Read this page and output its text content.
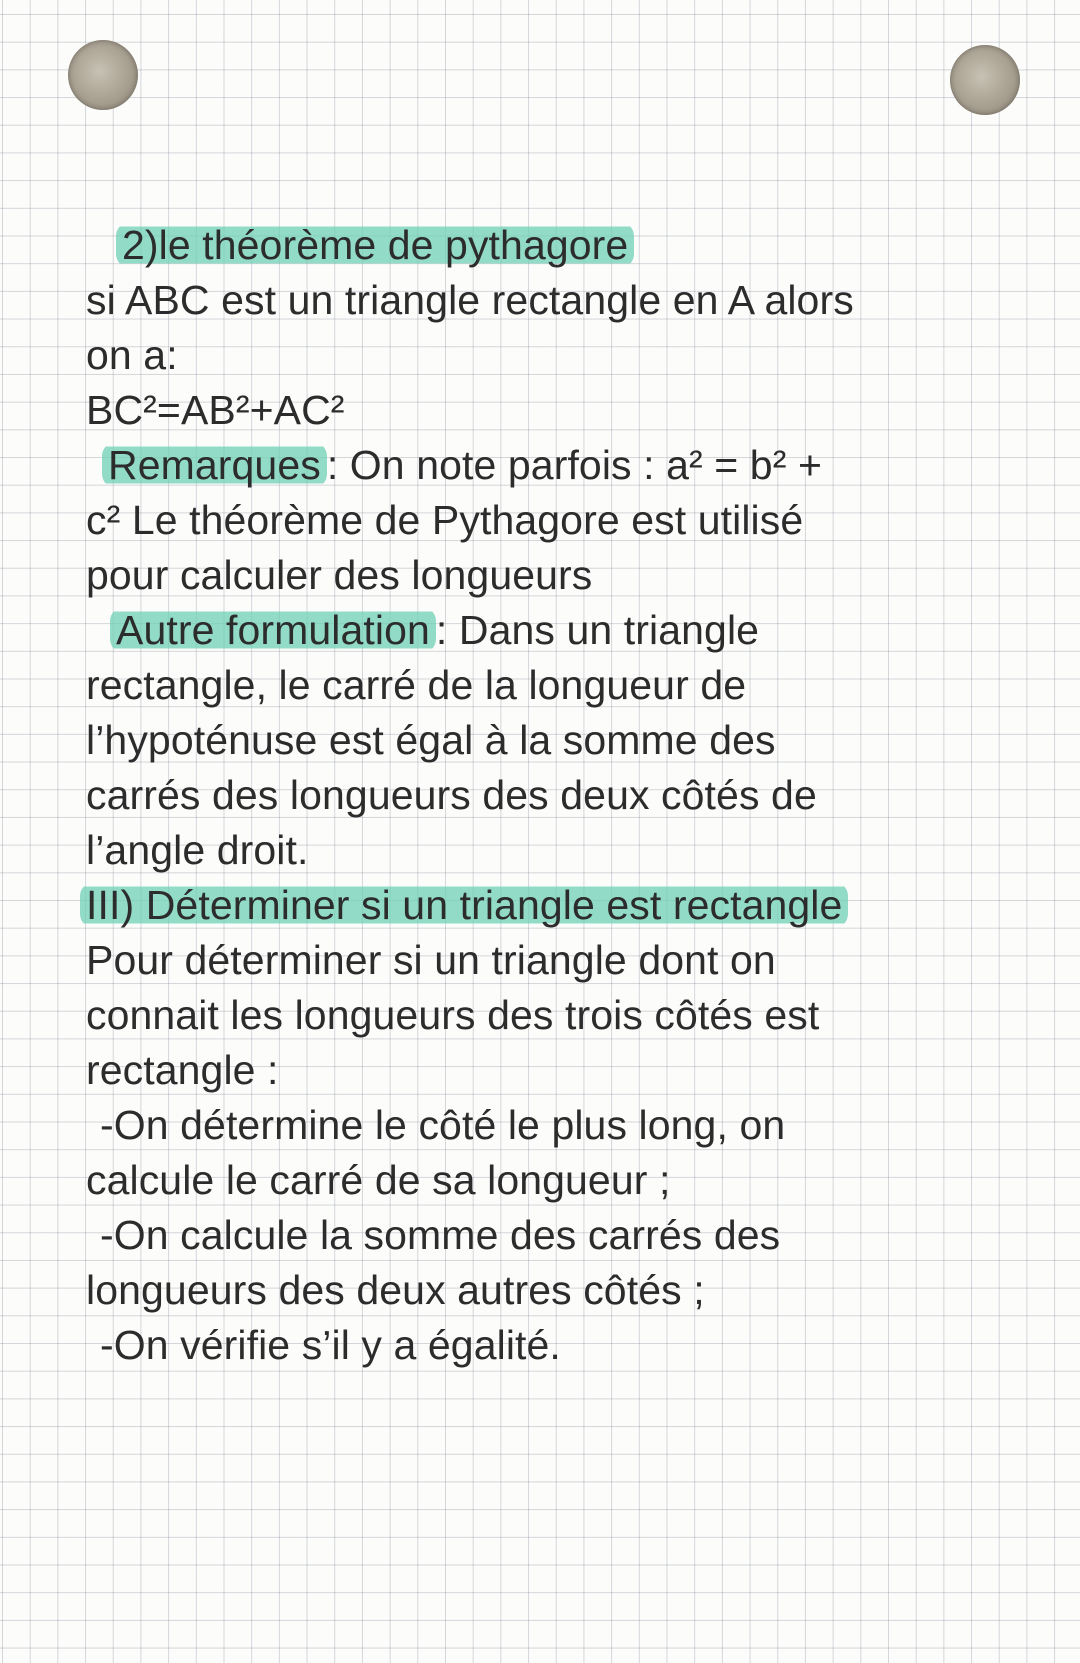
2)le théorème de pythagore
si ABC est un triangle rectangle en A alors
on a:
BC²=AB²+AC²
Remarques : On note parfois : a² = b² +
c² Le théorème de Pythagore est utilisé
pour calculer des longueurs
Autre formulation : Dans un triangle
rectangle, le carré de la longueur de
l’hypoténuse est égal à la somme des
carrés des longueurs des deux côtés de
l’angle droit.
III) Déterminer si un triangle est rectangle
Pour déterminer si un triangle dont on
connait les longueurs des trois côtés est
rectangle :
-On détermine le côté le plus long, on
calcule le carré de sa longueur ;
-On calcule la somme des carrés des
longueurs des deux autres côtés ;
-On vérifie s’il y a égalité.
